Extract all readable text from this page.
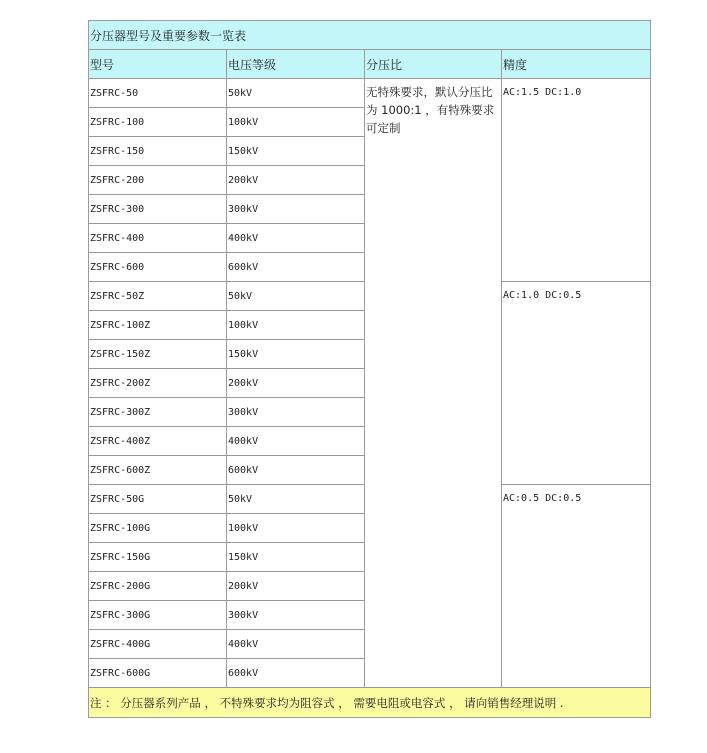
分压器型号及重要参数一览表			
型号	电压等级	分压比	精度
ZSFRC-50	50kV	无特殊要求，默认分压比为 1000:1 ，有特殊要求可定制	AC:1.5 DC:1.0
ZSFRC-100	100kV		
ZSFRC-150	150kV		
ZSFRC-200	200kV		
ZSFRC-300	300kV		
ZSFRC-400	400kV		
ZSFRC-600	600kV		
ZSFRC-50Z	50kV		AC:1.0 DC:0.5
ZSFRC-100Z	100kV		
ZSFRC-150Z	150kV		
ZSFRC-200Z	200kV		
ZSFRC-300Z	300kV		
ZSFRC-400Z	400kV		
ZSFRC-600Z	600kV		
ZSFRC-50G	50kV		AC:0.5 DC:0.5
ZSFRC-100G	100kV		
ZSFRC-150G	150kV		
ZSFRC-200G	200kV		
ZSFRC-300G	300kV		
ZSFRC-400G	400kV		
ZSFRC-600G	600kV		
注 ： 分压器系列产品 ， 不特殊要求均为阻容式 ， 需要电阻或电容式 ， 请向销售经理说明 .			
